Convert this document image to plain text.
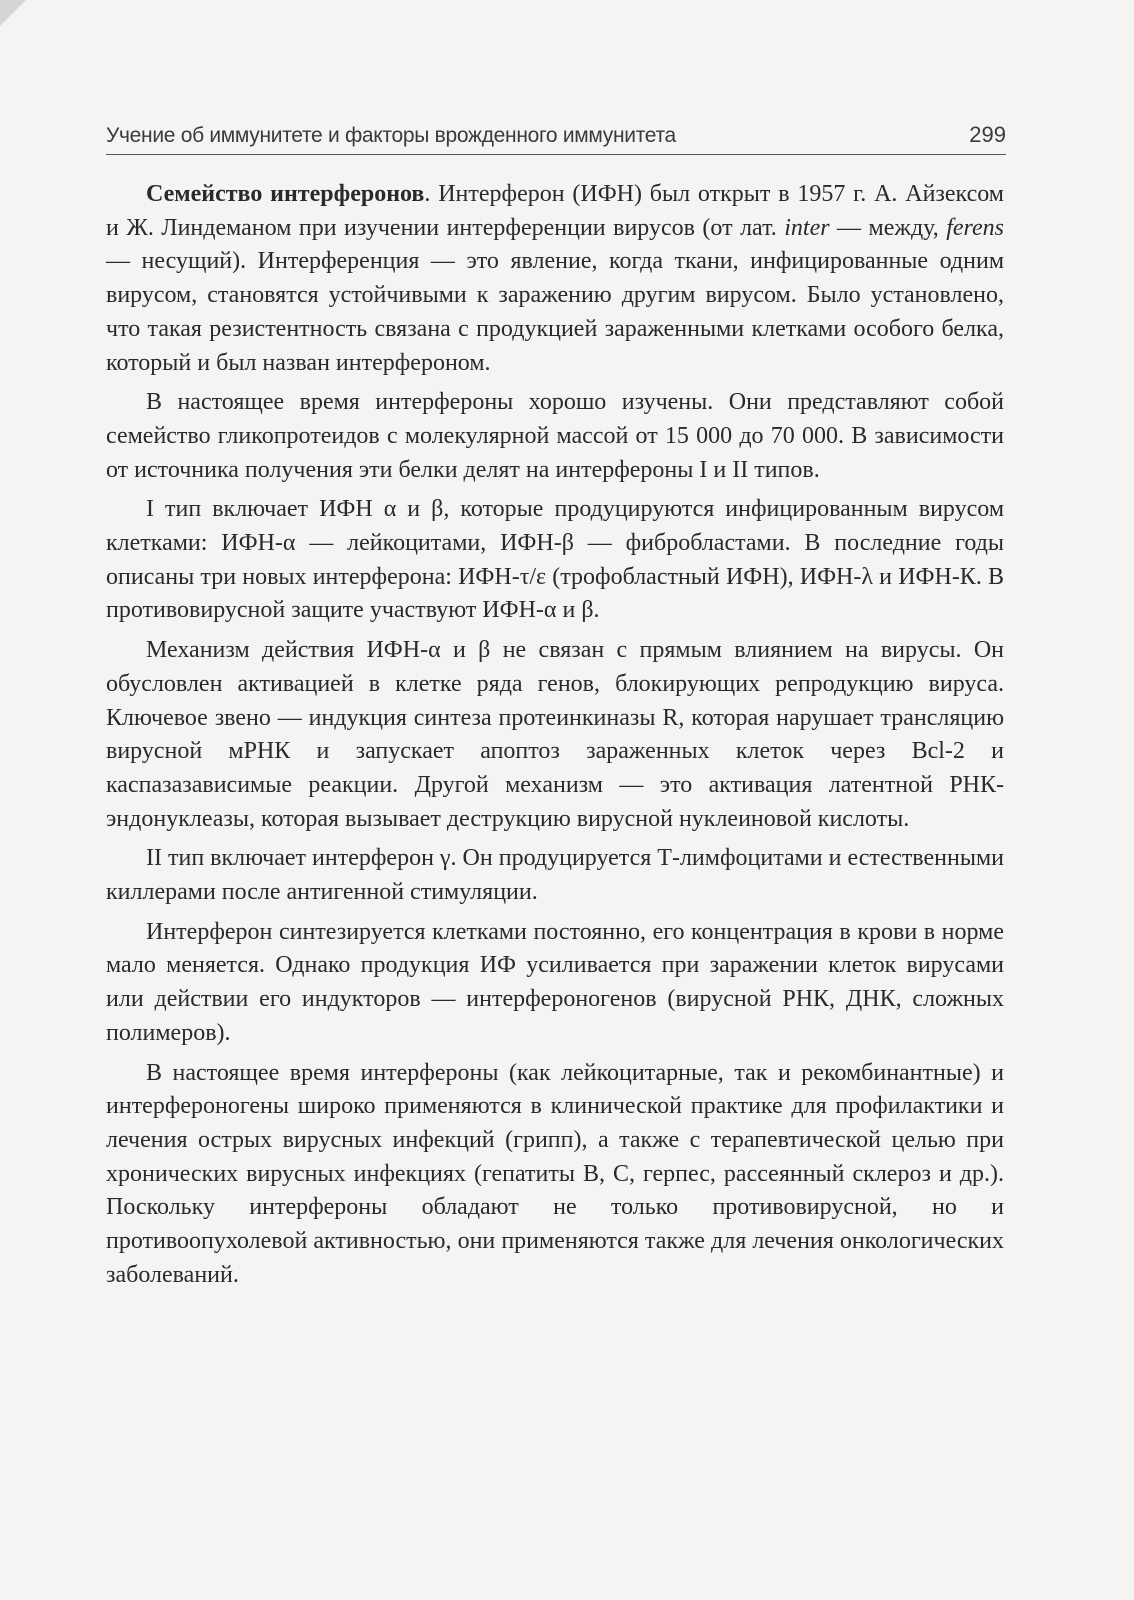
Учение об иммунитете и факторы врожденного иммунитета	299

Семейство интерферонов. Интерферон (ИФН) был открыт в 1957 г. А. Айзексом и Ж. Линдеманом при изучении интерференции вирусов (от лат. inter — между, ferens — несущий). Интерференция — это явление, когда ткани, инфицированные одним вирусом, становятся устойчивыми к заражению другим вирусом. Было установлено, что такая резистентность связана с продукцией зараженными клетками особого белка, который и был назван интерфероном.

В настоящее время интерфероны хорошо изучены. Они представляют собой семейство гликопротеидов с молекулярной массой от 15 000 до 70 000. В зависимости от источника получения эти белки делят на интерфероны I и II типов.

I тип включает ИФН α и β, которые продуцируются инфицированным вирусом клетками: ИФН-α — лейкоцитами, ИФН-β — фибробластами. В последние годы описаны три новых интерферона: ИФН-τ/ε (трофобластный ИФН), ИФН-λ и ИФН-К. В противовирусной защите участвуют ИФН-α и β.

Механизм действия ИФН-α и β не связан с прямым влиянием на вирусы. Он обусловлен активацией в клетке ряда генов, блокирующих репродукцию вируса. Ключевое звено — индукция синтеза протеинкиназы R, которая нарушает трансляцию вирусной мРНК и запускает апоптоз зараженных клеток через Bcl-2 и каспазазависимые реакции. Другой механизм — это активация латентной РНК-эндонуклеазы, которая вызывает деструкцию вирусной нуклеиновой кислоты.

II тип включает интерферон γ. Он продуцируется Т-лимфоцитами и естественными киллерами после антигенной стимуляции.

Интерферон синтезируется клетками постоянно, его концентрация в крови в норме мало меняется. Однако продукция ИФ усиливается при заражении клеток вирусами или действии его индукторов — интерфероногенов (вирусной РНК, ДНК, сложных полимеров).

В настоящее время интерфероны (как лейкоцитарные, так и рекомбинантные) и интерфероногены широко применяются в клинической практике для профилактики и лечения острых вирусных инфекций (грипп), а также с терапевтической целью при хронических вирусных инфекциях (гепатиты В, С, герпес, рассеянный склероз и др.). Поскольку интерфероны обладают не только противовирусной, но и противоопухолевой активностью, они применяются также для лечения онкологических заболеваний.
